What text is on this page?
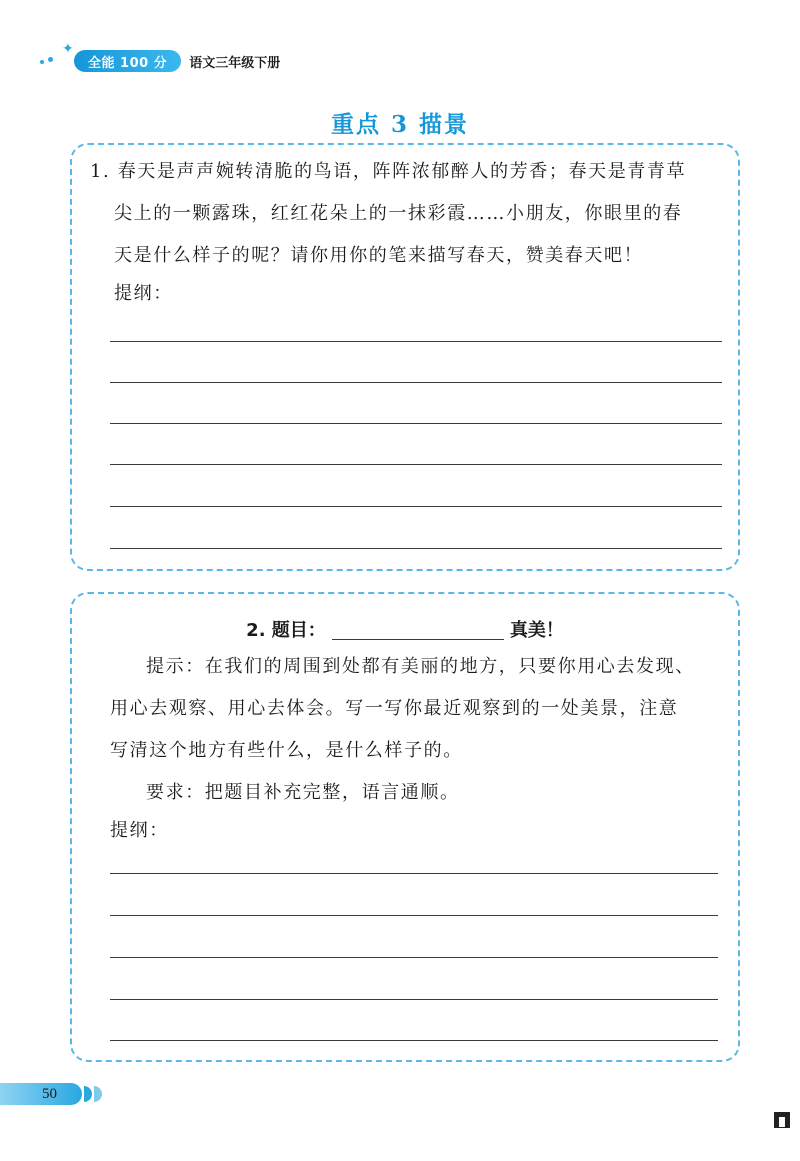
✦
全能 100 分	语文三年级下册
重点 3 描景
1. 春天是声声婉转清脆的鸟语，阵阵浓郁醉人的芳香；春天是青青草
尖上的一颗露珠，红红花朵上的一抹彩霞……小朋友，你眼里的春
天是什么样子的呢？请你用你的笔来描写春天，赞美春天吧！
提纲：
2. 题目：	真美！
提示：在我们的周围到处都有美丽的地方，只要你用心去发现、
用心去观察、用心去体会。写一写你最近观察到的一处美景，注意
写清这个地方有些什么，是什么样子的。
要求：把题目补充完整，语言通顺。
提纲：
50
